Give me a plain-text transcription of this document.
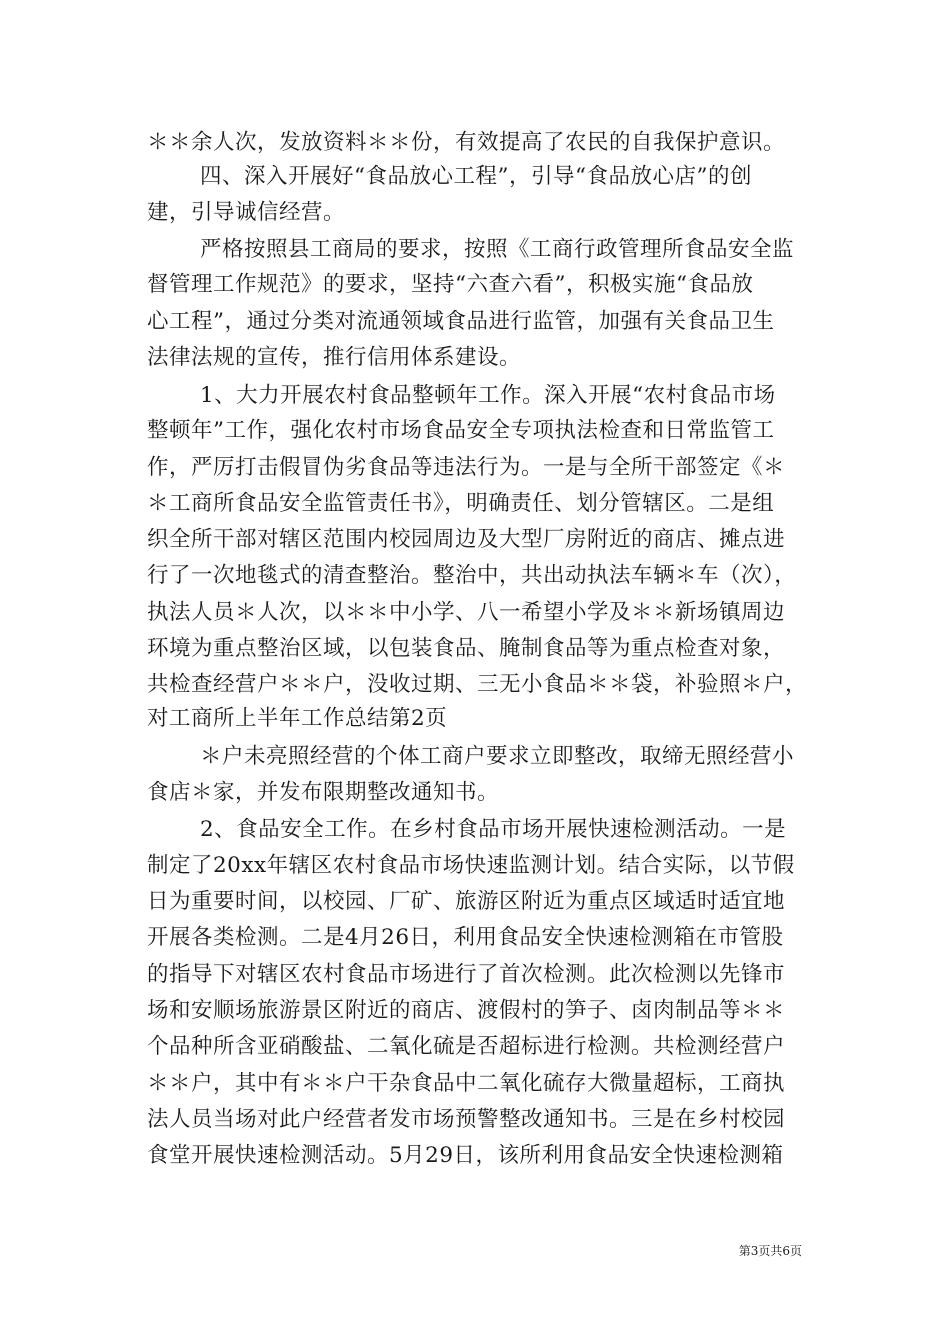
＊＊余人次，发放资料＊＊份，有效提高了农民的自我保护意识。
四、深入开展好“食品放心工程”，引导“食品放心店”的创
建，引导诚信经营。
严格按照县工商局的要求，按照《工商行政管理所食品安全监
督管理工作规范》的要求，坚持“六查六看”，积极实施“食品放
心工程”，通过分类对流通领域食品进行监管，加强有关食品卫生
法律法规的宣传，推行信用体系建设。
1、大力开展农村食品整顿年工作。深入开展“农村食品市场
整顿年”工作，强化农村市场食品安全专项执法检查和日常监管工
作，严厉打击假冒伪劣食品等违法行为。一是与全所干部签定《＊
＊工商所食品安全监管责任书》，明确责任、划分管辖区。二是组
织全所干部对辖区范围内校园周边及大型厂房附近的商店、摊点进
行了一次地毯式的清查整治。整治中，共出动执法车辆＊车（次），
执法人员＊人次，以＊＊中小学、八一希望小学及＊＊新场镇周边
环境为重点整治区域，以包装食品、腌制食品等为重点检查对象，
共检查经营户＊＊户，没收过期、三无小食品＊＊袋，补验照＊户，
对工商所上半年工作总结第2页
＊户未亮照经营的个体工商户要求立即整改，取缔无照经营小
食店＊家，并发布限期整改通知书。
2、食品安全工作。在乡村食品市场开展快速检测活动。一是
制定了20xx年辖区农村食品市场快速监测计划。结合实际，以节假
日为重要时间，以校园、厂矿、旅游区附近为重点区域适时适宜地
开展各类检测。二是4月26日，利用食品安全快速检测箱在市管股
的指导下对辖区农村食品市场进行了首次检测。此次检测以先锋市
场和安顺场旅游景区附近的商店、渡假村的笋子、卤肉制品等＊＊
个品种所含亚硝酸盐、二氧化硫是否超标进行检测。共检测经营户
＊＊户，其中有＊＊户干杂食品中二氧化硫存大微量超标，工商执
法人员当场对此户经营者发市场预警整改通知书。三是在乡村校园
食堂开展快速检测活动。5月29日，该所利用食品安全快速检测箱
第3页共6页
